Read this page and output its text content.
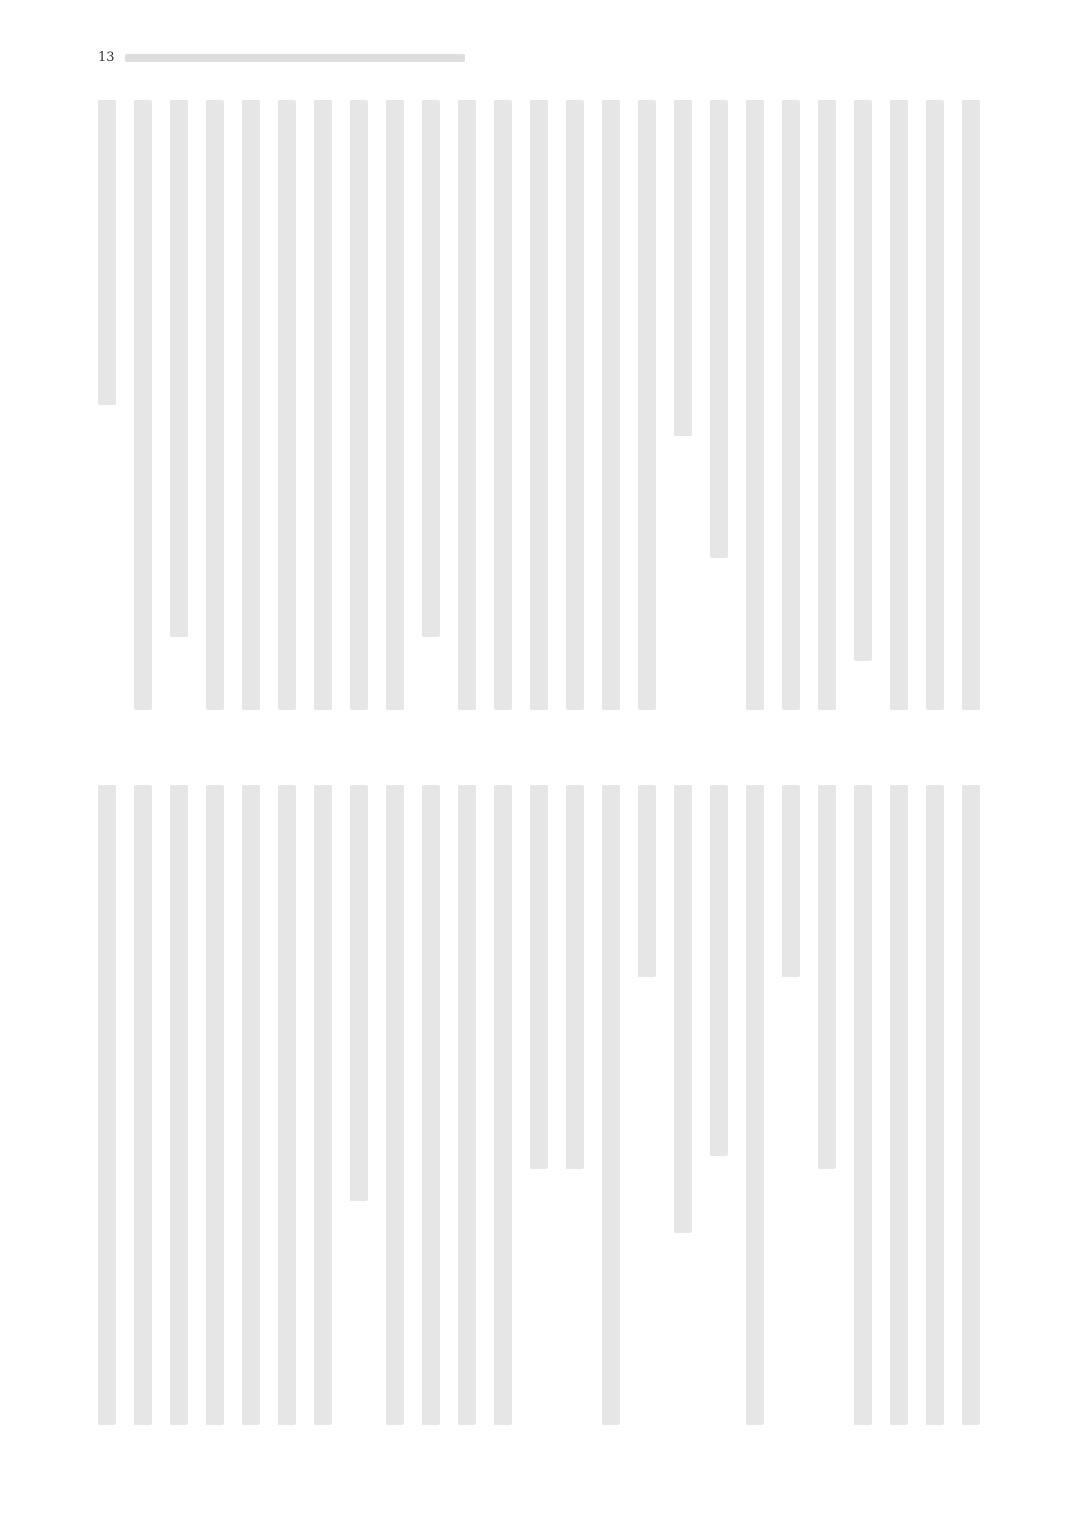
13
